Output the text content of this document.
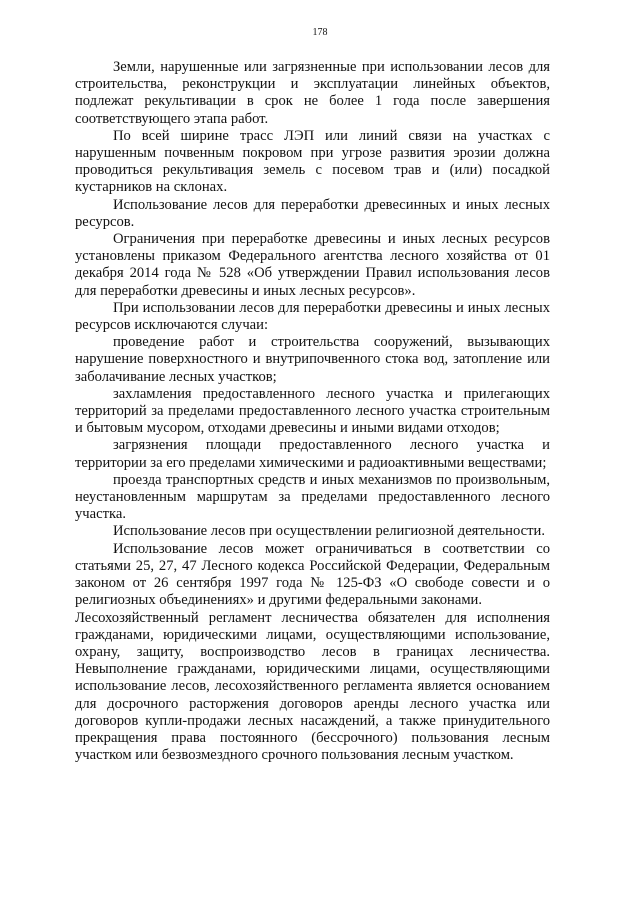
178

Земли, нарушенные или загрязненные при использовании лесов для строительства, реконструкции и эксплуатации линейных объектов, подлежат рекультивации в срок не более 1 года после завершения соответствующего этапа работ.

По всей ширине трасс ЛЭП или линий связи на участках с нарушенным почвенным покровом при угрозе развития эрозии должна проводиться рекультивация земель с посевом трав и (или) посадкой кустарников на склонах.

Использование лесов для переработки древесинных и иных лесных ресурсов.

Ограничения при переработке древесины и иных лесных ресурсов установлены приказом Федерального агентства лесного хозяйства от 01 декабря 2014 года № 528 «Об утверждении Правил использования лесов для переработки древесины и иных лесных ресурсов».

При использовании лесов для переработки древесины и иных лесных ресурсов исключаются случаи:

проведение работ и строительства сооружений, вызывающих нарушение поверхностного и внутрипочвенного стока вод, затопление или заболачивание лесных участков;

захламления предоставленного лесного участка и прилегающих территорий за пределами предоставленного лесного участка строительным и бытовым мусором, отходами древесины и иными видами отходов;

загрязнения площади предоставленного лесного участка и территории за его пределами химическими и радиоактивными веществами;

проезда транспортных средств и иных механизмов по произвольным, неустановленным маршрутам за пределами предоставленного лесного участка.

Использование лесов при осуществлении религиозной деятельности.

Использование лесов может ограничиваться в соответствии со статьями 25, 27, 47 Лесного кодекса Российской Федерации, Федеральным законом от 26 сентября 1997 года № 125-ФЗ «О свободе совести и о религиозных объединениях» и другими федеральными законами.

Лесохозяйственный регламент лесничества обязателен для исполнения гражданами, юридическими лицами, осуществляющими использование, охрану, защиту, воспроизводство лесов в границах лесничества. Невыполнение гражданами, юридическими лицами, осуществляющими использование лесов, лесохозяйственного регламента является основанием для досрочного расторжения договоров аренды лесного участка или договоров купли-продажи лесных насаждений, а также принудительного прекращения права постоянного (бессрочного) пользования лесным участком или безвозмездного срочного пользования лесным участком.
